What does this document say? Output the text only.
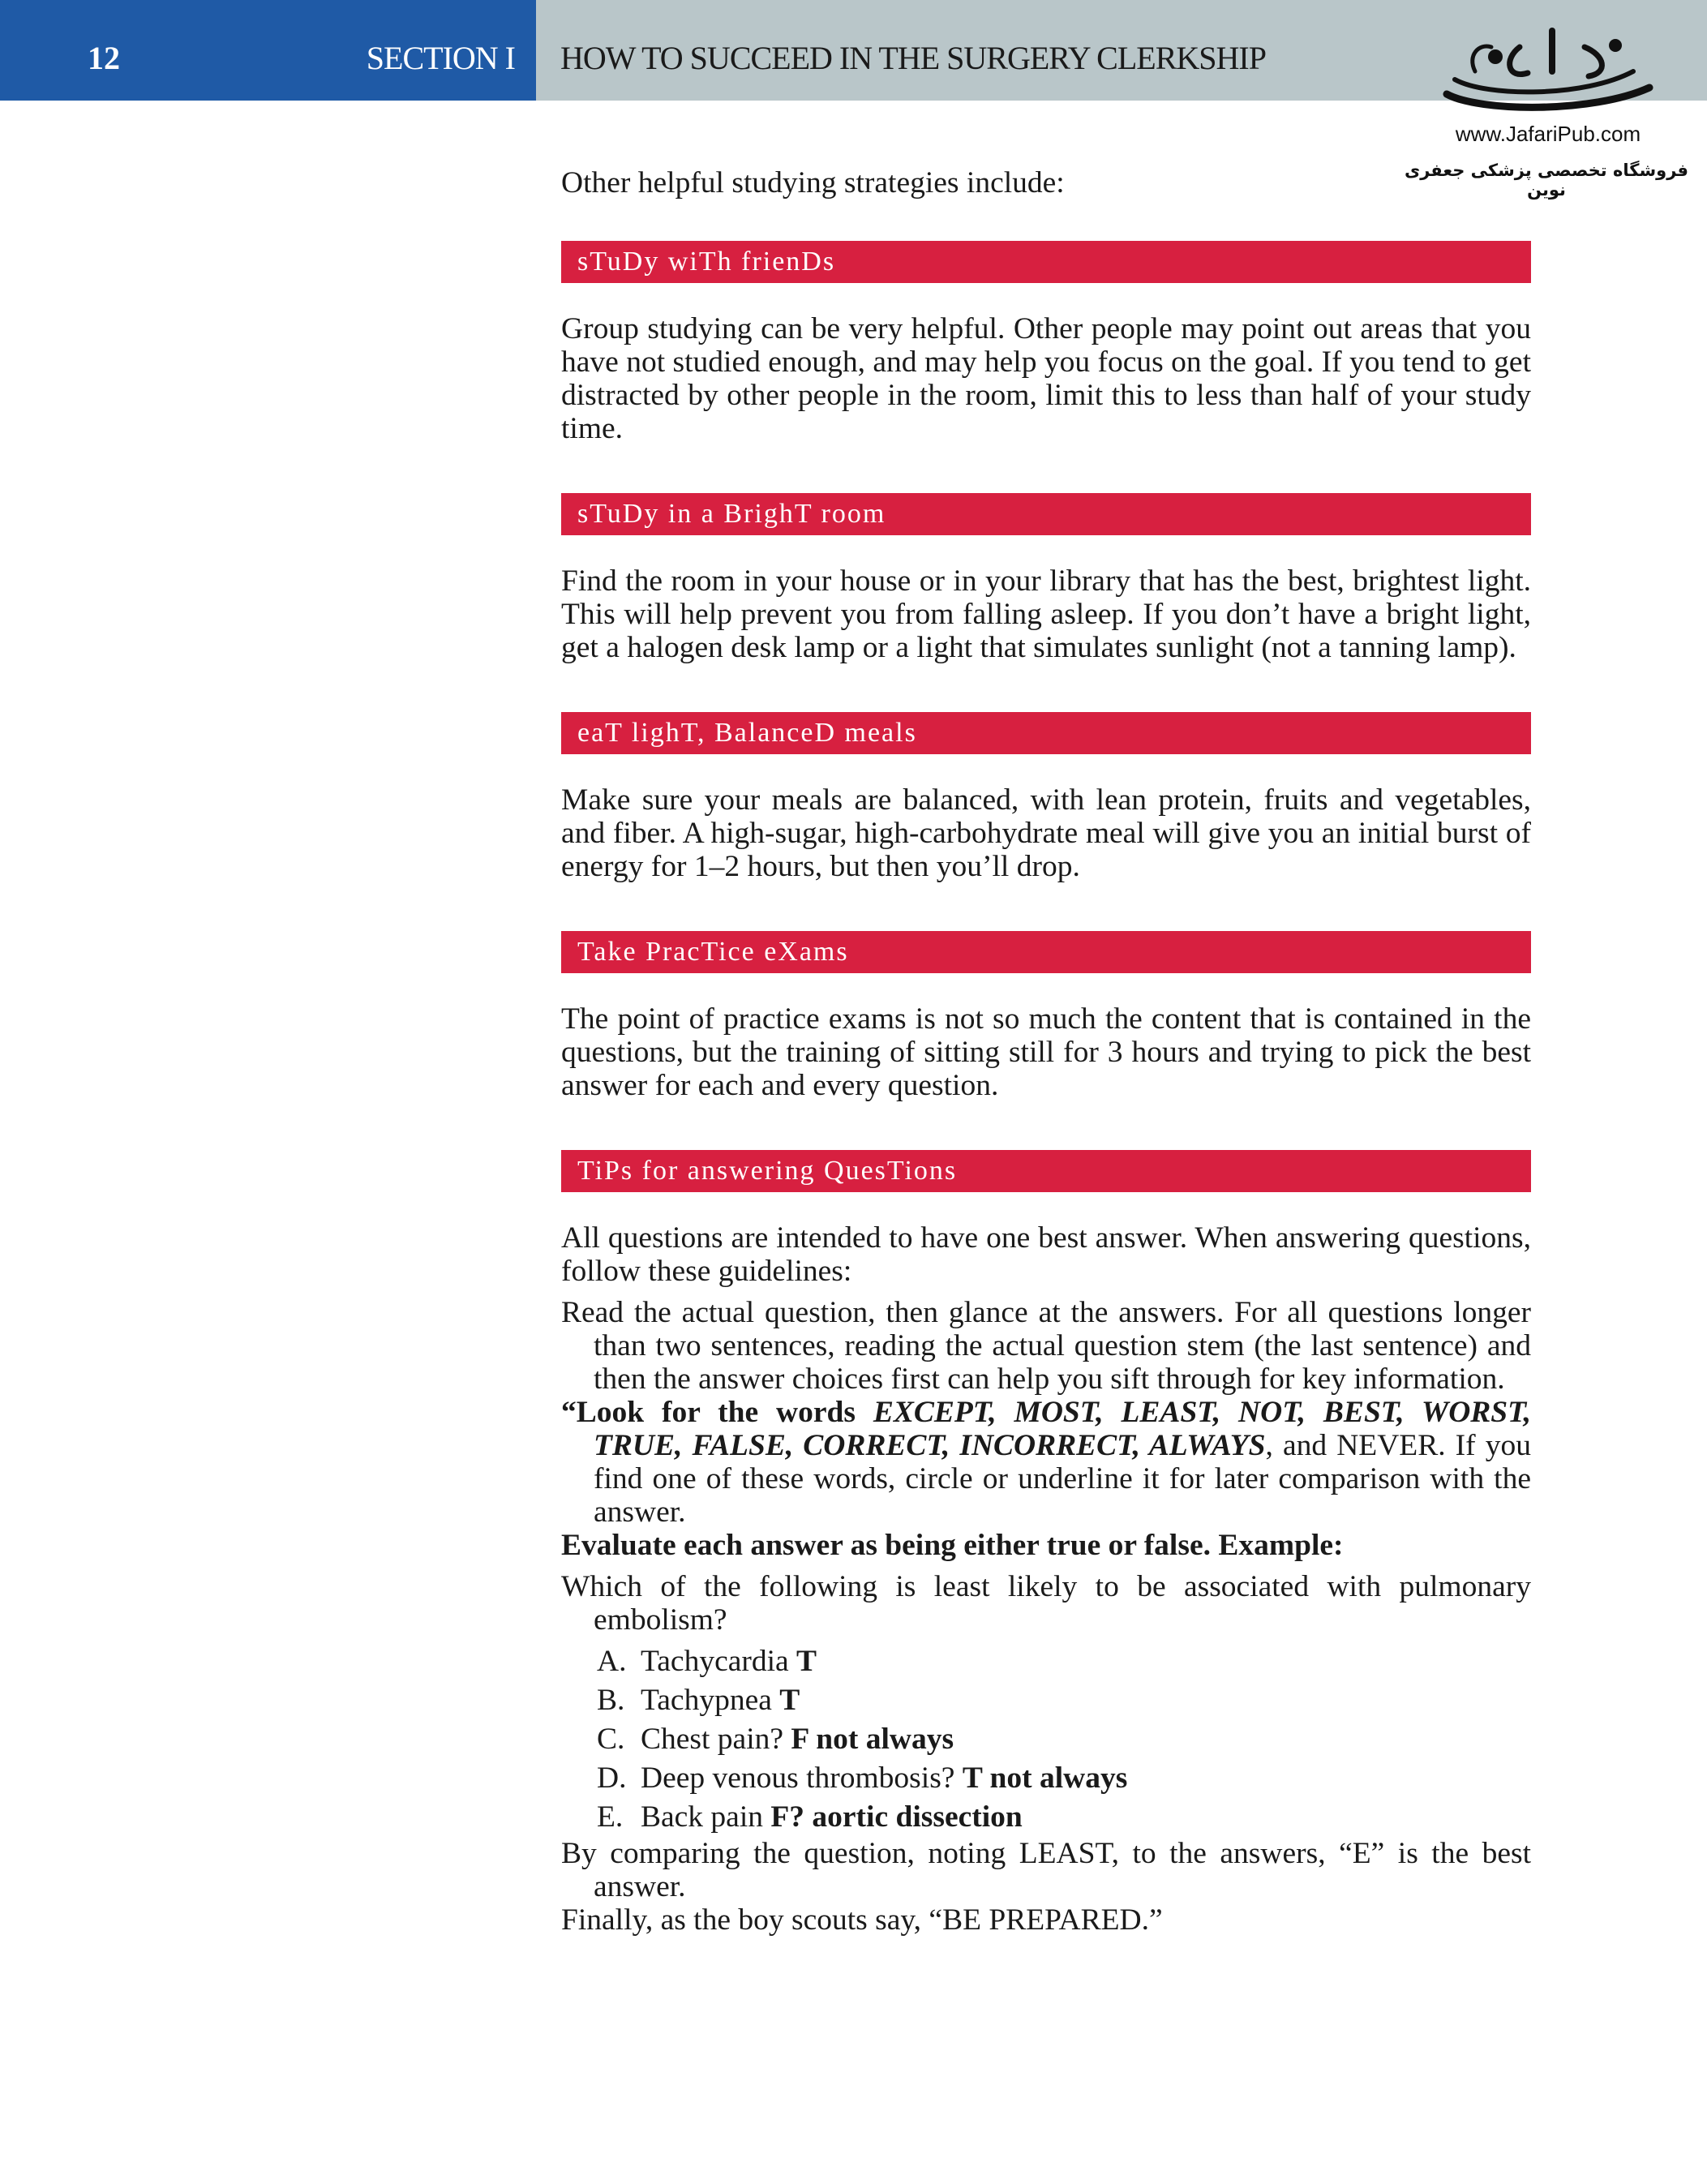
12	SECTION I HOW TO SUCCEED IN THE SURGERY CLERKSHIP
www.JafariPub.com
فروشگاه تخصصی پزشکی جعفری نوین

Other helpful studying strategies include:

sTuDy wiTh frienDs

Group studying can be very helpful. Other people may point out areas that you have not studied enough, and may help you focus on the goal. If you tend to get distracted by other people in the room, limit this to less than half of your study time.

sTuDy in a BrighT room

Find the room in your house or in your library that has the best, brightest light. This will help prevent you from falling asleep. If you don’t have a bright light, get a halogen desk lamp or a light that simulates sunlight (not a tanning lamp).

eaT lighT, BalanceD meals

Make sure your meals are balanced, with lean protein, fruits and vegetables, and fiber. A high-sugar, high-carbohydrate meal will give you an initial burst of energy for 1–2 hours, but then you’ll drop.

Take PracTice eXams

The point of practice exams is not so much the content that is contained in the questions, but the training of sitting still for 3 hours and trying to pick the best answer for each and every question.

TiPs for answering QuesTions

All questions are intended to have one best answer. When answering questions, follow these guidelines:

Read the actual question, then glance at the answers. For all questions longer than two sentences, reading the actual question stem (the last sentence) and then the answer choices first can help you sift through for key information.

“Look for the words EXCEPT, MOST, LEAST, NOT, BEST, WORST, TRUE, FALSE, CORRECT, INCORRECT, ALWAYS, and NEVER. If you find one of these words, circle or underline it for later comparison with the answer.

Evaluate each answer as being either true or false. Example:

Which of the following is least likely to be associated with pulmonary embolism?

A. Tachycardia T
B. Tachypnea T
C. Chest pain? F not always
D. Deep venous thrombosis? T not always
E. Back pain F? aortic dissection

By comparing the question, noting LEAST, to the answers, “E” is the best answer.

Finally, as the boy scouts say, “BE PREPARED.”
